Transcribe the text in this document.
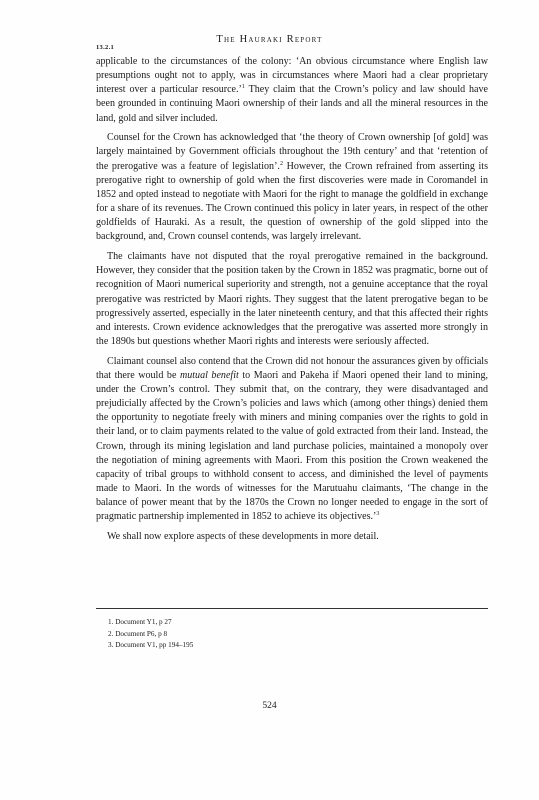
The Hauraki Report
13.2.1

applicable to the circumstances of the colony: ‘An obvious circumstance where English law presumptions ought not to apply, was in circumstances where Maori had a clear proprietary interest over a particular resource.’$^1$ They claim that the Crown’s policy and law should have been grounded in continuing Maori ownership of their lands and all the mineral resources in the land, gold and silver included.

Counsel for the Crown has acknowledged that ‘the theory of Crown ownership [of gold] was largely maintained by Government officials throughout the 19th century’ and that ‘retention of the prerogative was a feature of legislation’.$^2$ However, the Crown refrained from asserting its prerogative right to ownership of gold when the first discoveries were made in Coromandel in 1852 and opted instead to negotiate with Maori for the right to manage the goldfield in exchange for a share of its revenues. The Crown continued this policy in later years, in respect of the other goldfields of Hauraki. As a result, the question of ownership of the gold slipped into the background, and, Crown counsel contends, was largely irrelevant.

The claimants have not disputed that the royal prerogative remained in the background. However, they consider that the position taken by the Crown in 1852 was pragmatic, borne out of recognition of Maori numerical superiority and strength, not a genuine acceptance that the royal prerogative was restricted by Maori rights. They suggest that the latent prerogative began to be progressively asserted, especially in the later nineteenth century, and that this affected their rights and interests. Crown evidence acknowledges that the prerogative was asserted more strongly in the 1890s but questions whether Maori rights and interests were seriously affected.

Claimant counsel also contend that the Crown did not honour the assurances given by officials that there would be mutual benefit to Maori and Pakeha if Maori opened their land to mining, under the Crown’s control. They submit that, on the contrary, they were disadvantaged and prejudicially affected by the Crown’s policies and laws which (among other things) denied them the opportunity to negotiate freely with miners and mining companies over the rights to gold in their land, or to claim payments related to the value of gold extracted from their land. Instead, the Crown, through its mining legislation and land purchase policies, maintained a monopoly over the negotiation of mining agreements with Maori. From this position the Crown weakened the capacity of tribal groups to withhold consent to access, and diminished the level of payments made to Maori. In the words of witnesses for the Marutuahu claimants, ‘The change in the balance of power meant that by the 1870s the Crown no longer needed to engage in the sort of pragmatic partnership implemented in 1852 to achieve its objectives.’$^3$

We shall now explore aspects of these developments in more detail.

1. Document Y1, p 27
2. Document P6, p 8
3. Document V1, pp 194–195
524
